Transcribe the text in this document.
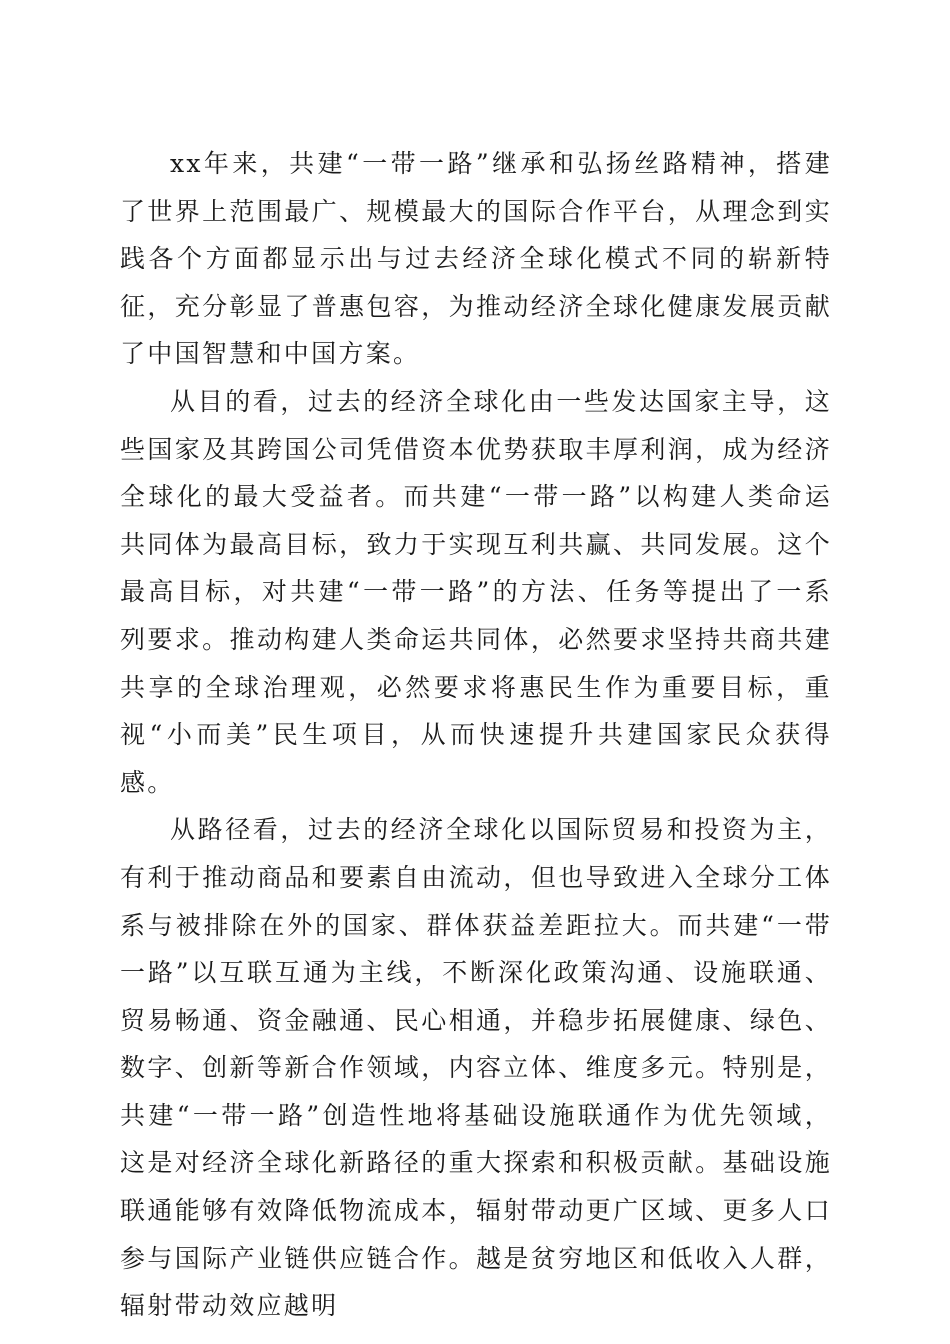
xx年来，共建“一带一路”继承和弘扬丝路精神，搭建了世界上范围最广、规模最大的国际合作平台，从理念到实践各个方面都显示出与过去经济全球化模式不同的崭新特征，充分彰显了普惠包容，为推动经济全球化健康发展贡献了中国智慧和中国方案。

从目的看，过去的经济全球化由一些发达国家主导，这些国家及其跨国公司凭借资本优势获取丰厚利润，成为经济全球化的最大受益者。而共建“一带一路”以构建人类命运共同体为最高目标，致力于实现互利共赢、共同发展。这个最高目标，对共建“一带一路”的方法、任务等提出了一系列要求。推动构建人类命运共同体，必然要求坚持共商共建共享的全球治理观，必然要求将惠民生作为重要目标，重视“小而美”民生项目，从而快速提升共建国家民众获得感。

从路径看，过去的经济全球化以国际贸易和投资为主，有利于推动商品和要素自由流动，但也导致进入全球分工体系与被排除在外的国家、群体获益差距拉大。而共建“一带一路”以互联互通为主线，不断深化政策沟通、设施联通、贸易畅通、资金融通、民心相通，并稳步拓展健康、绿色、数字、创新等新合作领域，内容立体、维度多元。特别是，共建“一带一路”创造性地将基础设施联通作为优先领域，这是对经济全球化新路径的重大探索和积极贡献。基础设施联通能够有效降低物流成本，辐射带动更广区域、更多人口参与国际产业链供应链合作。越是贫穷地区和低收入人群，辐射带动效应越明
